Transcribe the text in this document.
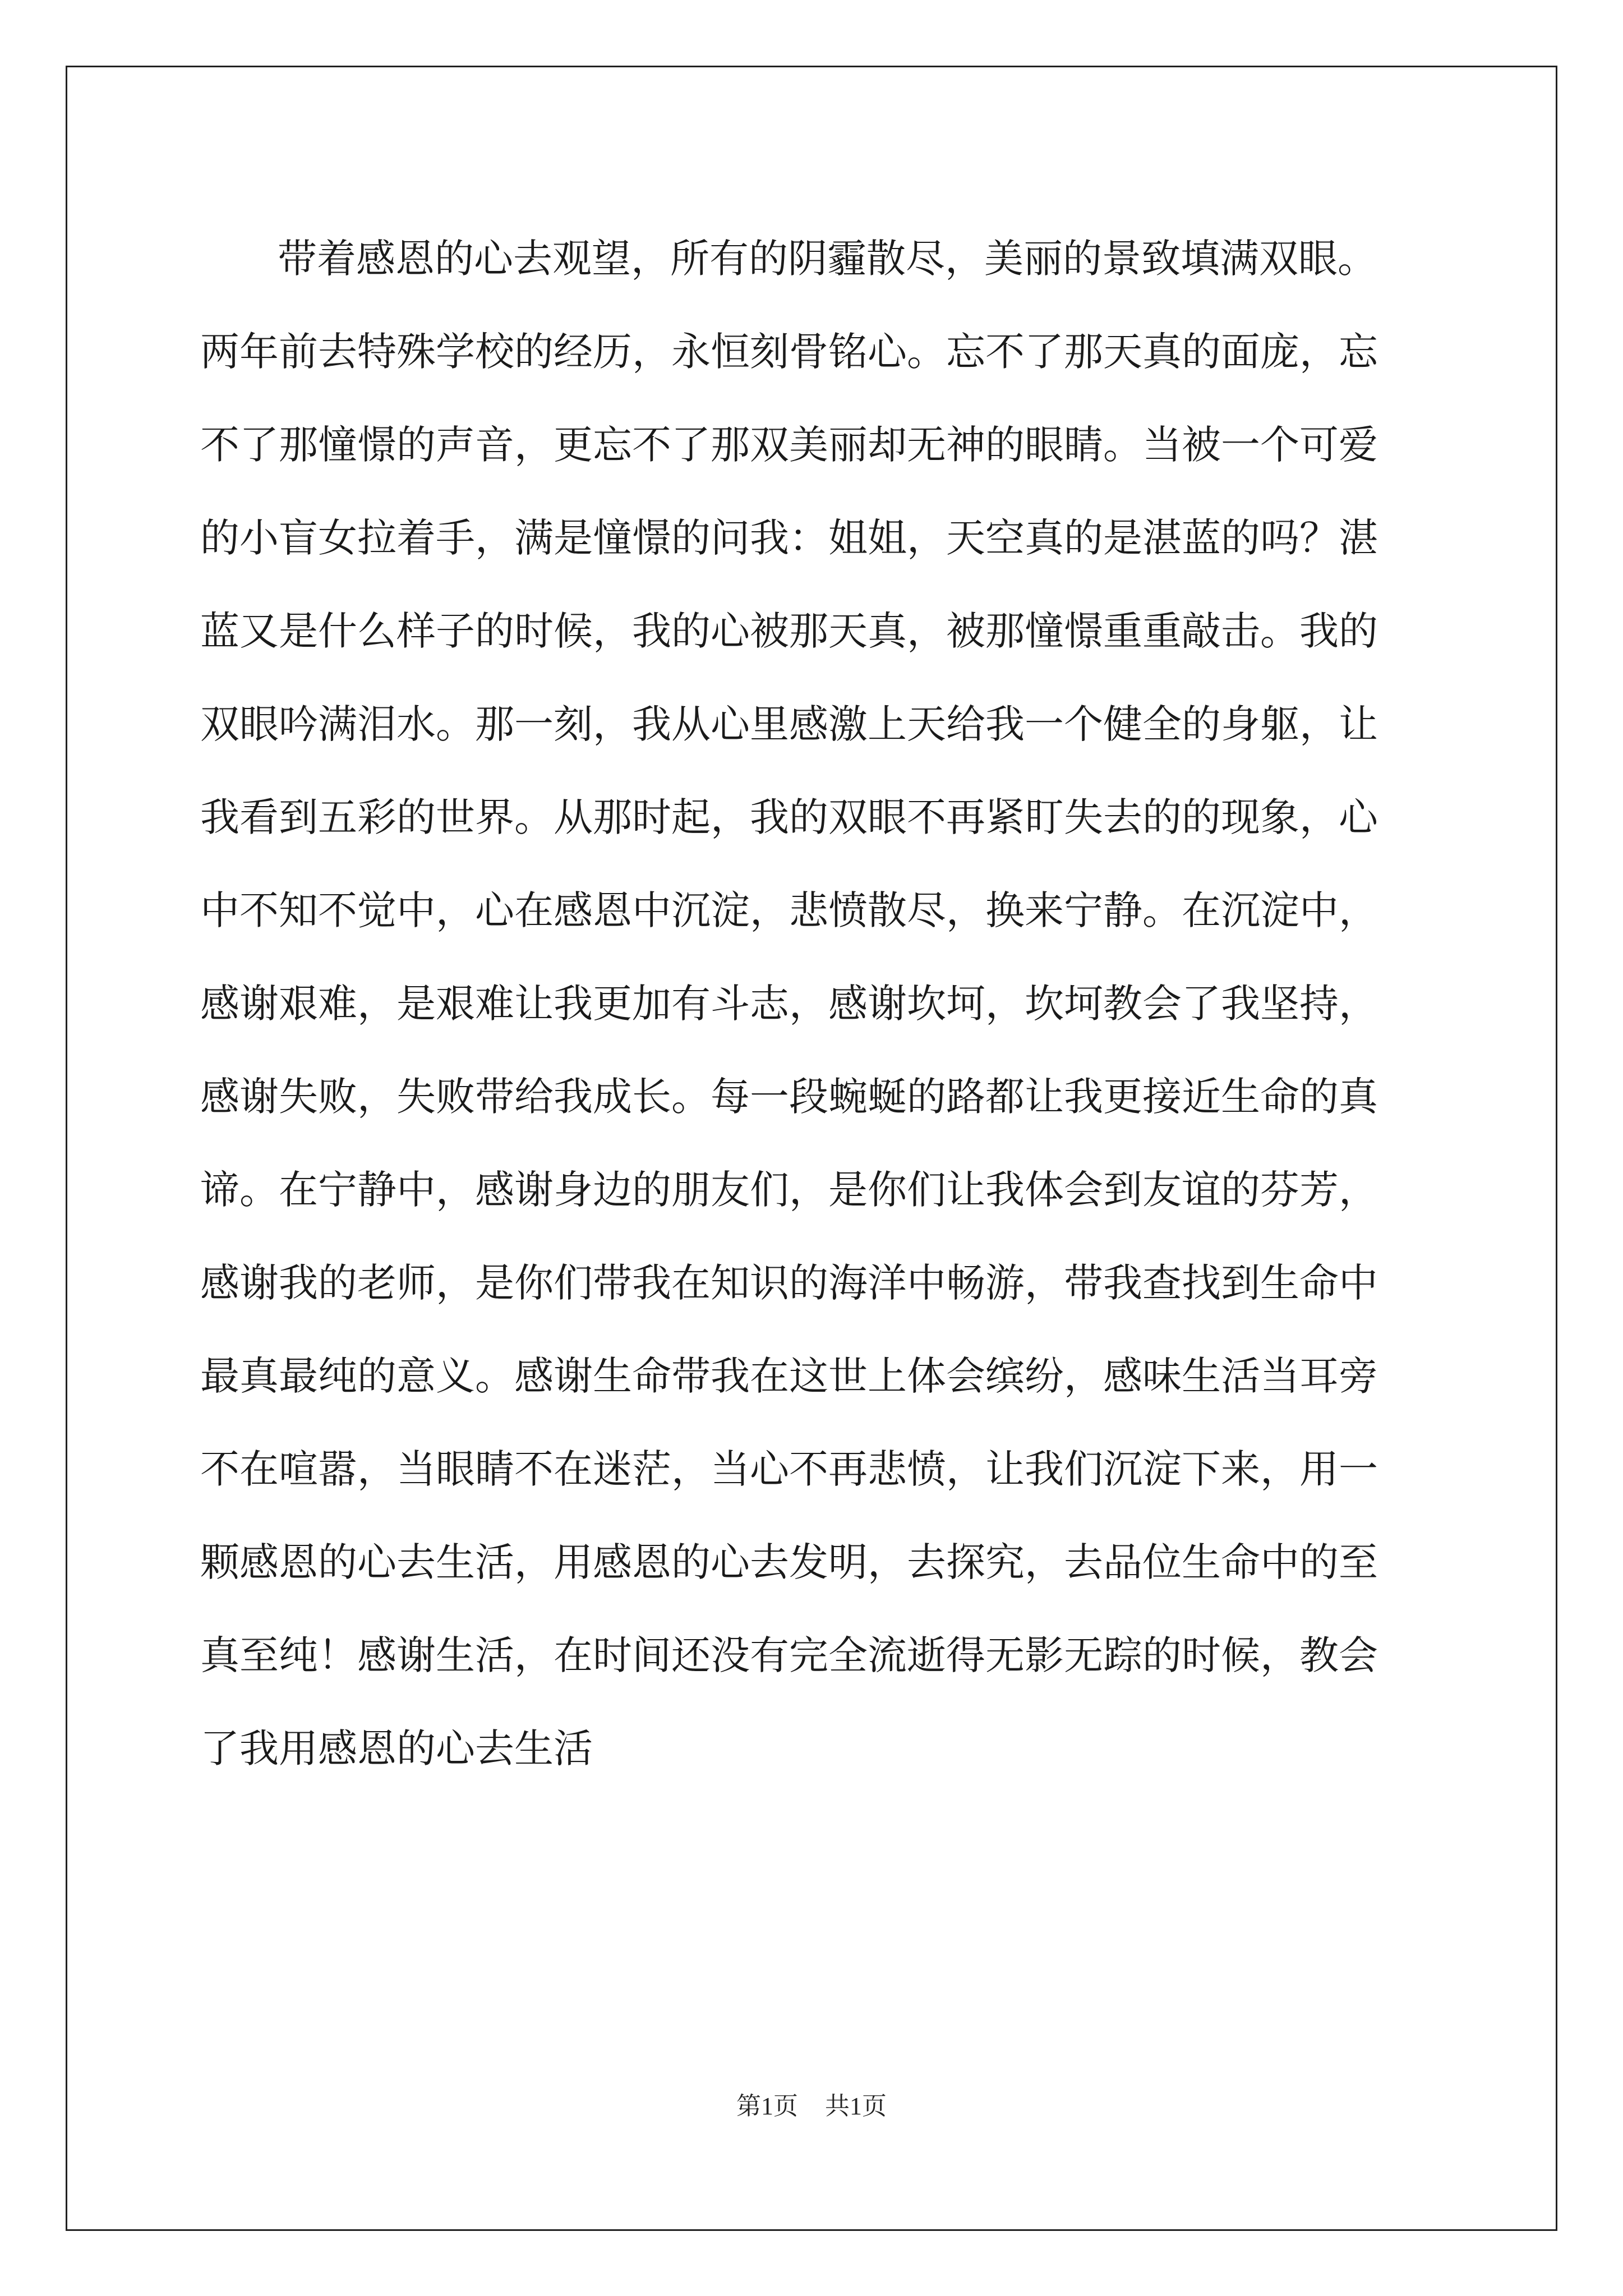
带着感恩的心去观望，所有的阴霾散尽，美丽的景致填满双眼。
两年前去特殊学校的经历，永恒刻骨铭心。忘不了那天真的面庞，忘
不了那憧憬的声音，更忘不了那双美丽却无神的眼睛。当被一个可爱
的小盲女拉着手，满是憧憬的问我：姐姐，天空真的是湛蓝的吗？湛
蓝又是什么样子的时候，我的心被那天真，被那憧憬重重敲击。我的
双眼吟满泪水。那一刻，我从心里感激上天给我一个健全的身躯，让
我看到五彩的世界。从那时起，我的双眼不再紧盯失去的的现象，心
中不知不觉中，心在感恩中沉淀，悲愤散尽，换来宁静。在沉淀中，
感谢艰难，是艰难让我更加有斗志，感谢坎坷，坎坷教会了我坚持，
感谢失败，失败带给我成长。每一段蜿蜒的路都让我更接近生命的真
谛。在宁静中，感谢身边的朋友们，是你们让我体会到友谊的芬芳，
感谢我的老师，是你们带我在知识的海洋中畅游，带我查找到生命中
最真最纯的意义。感谢生命带我在这世上体会缤纷，感味生活当耳旁
不在喧嚣，当眼睛不在迷茫，当心不再悲愤，让我们沉淀下来，用一
颗感恩的心去生活，用感恩的心去发明，去探究，去品位生命中的至
真至纯！感谢生活，在时间还没有完全流逝得无影无踪的时候，教会
了我用感恩的心去生活
第1页 共1页
